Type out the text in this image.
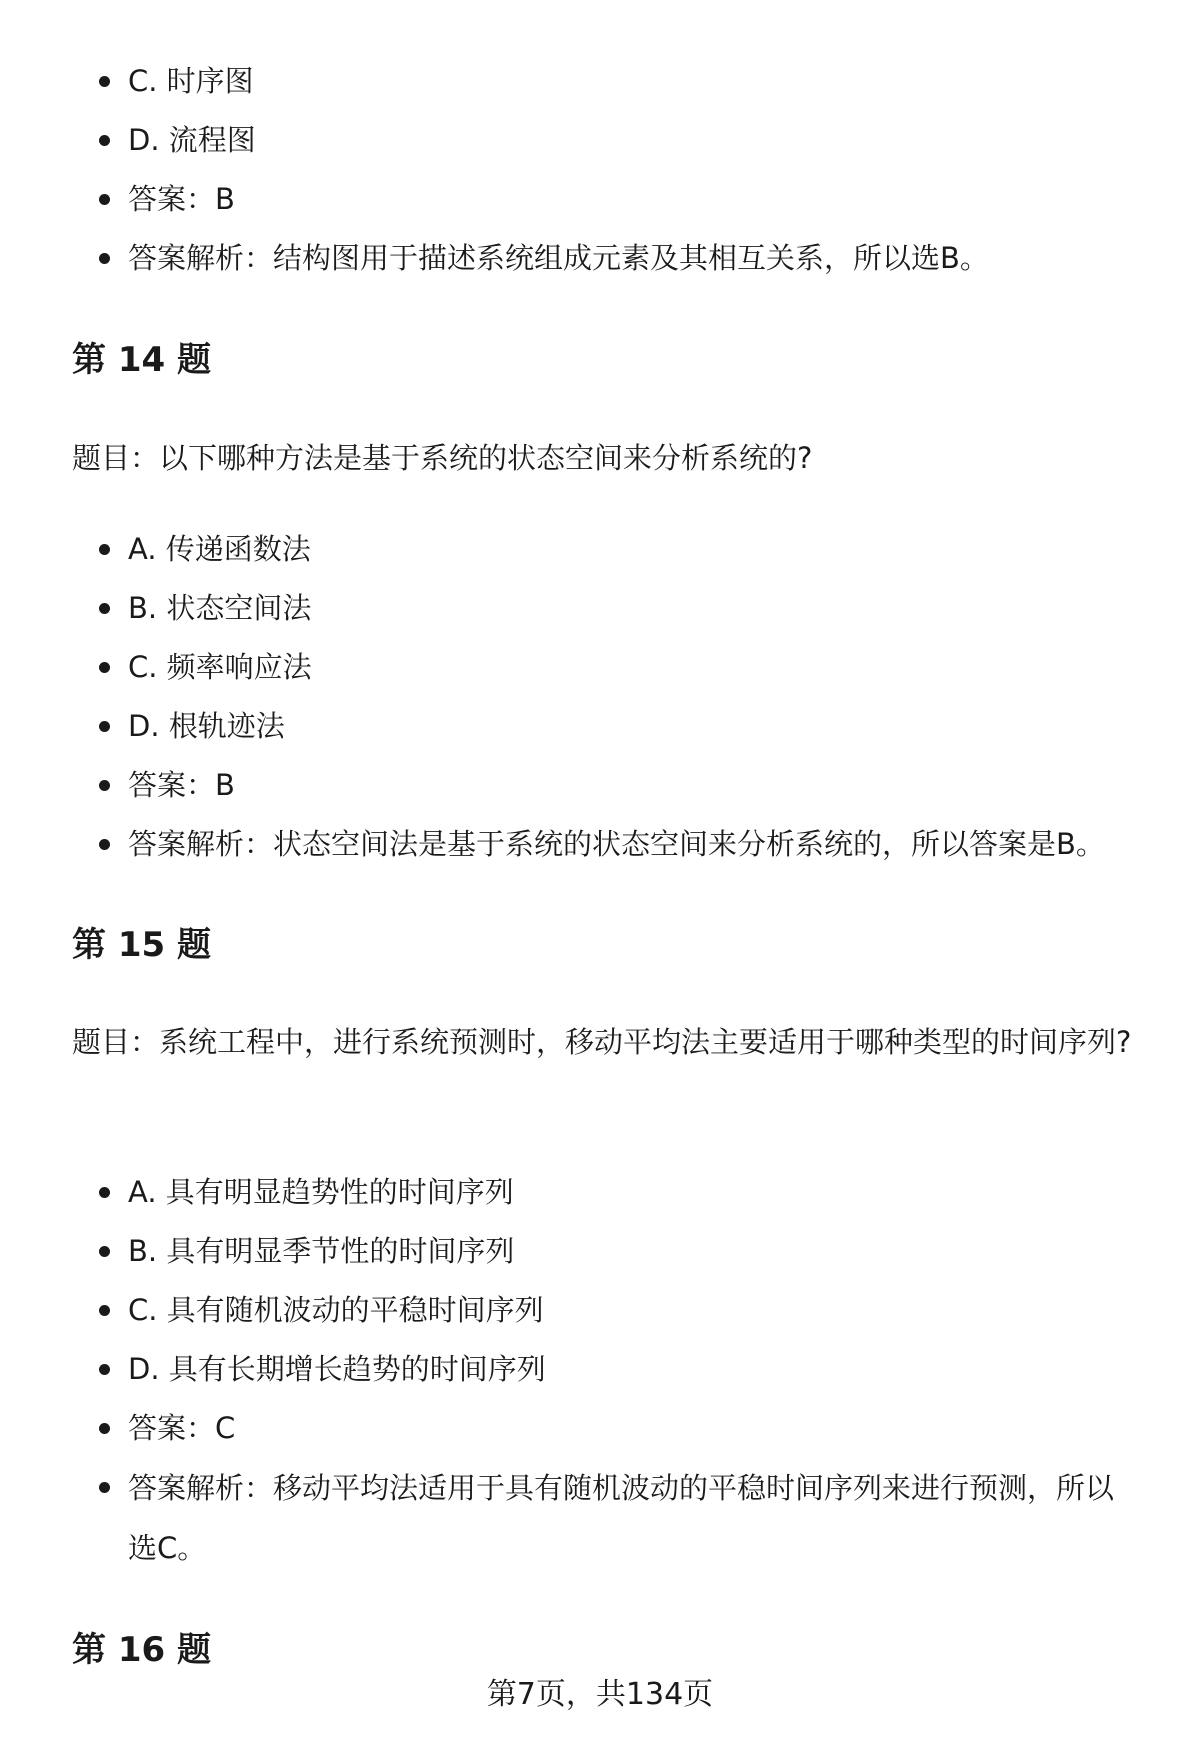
C. 时序图
D. 流程图
答案：B
答案解析：结构图用于描述系统组成元素及其相互关系，所以选B。
第 14 题

题目：以下哪种方法是基于系统的状态空间来分析系统的?

A. 传递函数法
B. 状态空间法
C. 频率响应法
D. 根轨迹法
答案：B
答案解析：状态空间法是基于系统的状态空间来分析系统的，所以答案是B。
第 15 题

题目：系统工程中，进行系统预测时，移动平均法主要适用于哪种类型的时间序列?

A. 具有明显趋势性的时间序列
B. 具有明显季节性的时间序列
C. 具有随机波动的平稳时间序列
D. 具有长期增长趋势的时间序列
答案：C
答案解析：移动平均法适用于具有随机波动的平稳时间序列来进行预测，所以选C。
第 16 题
第7页，共134页
